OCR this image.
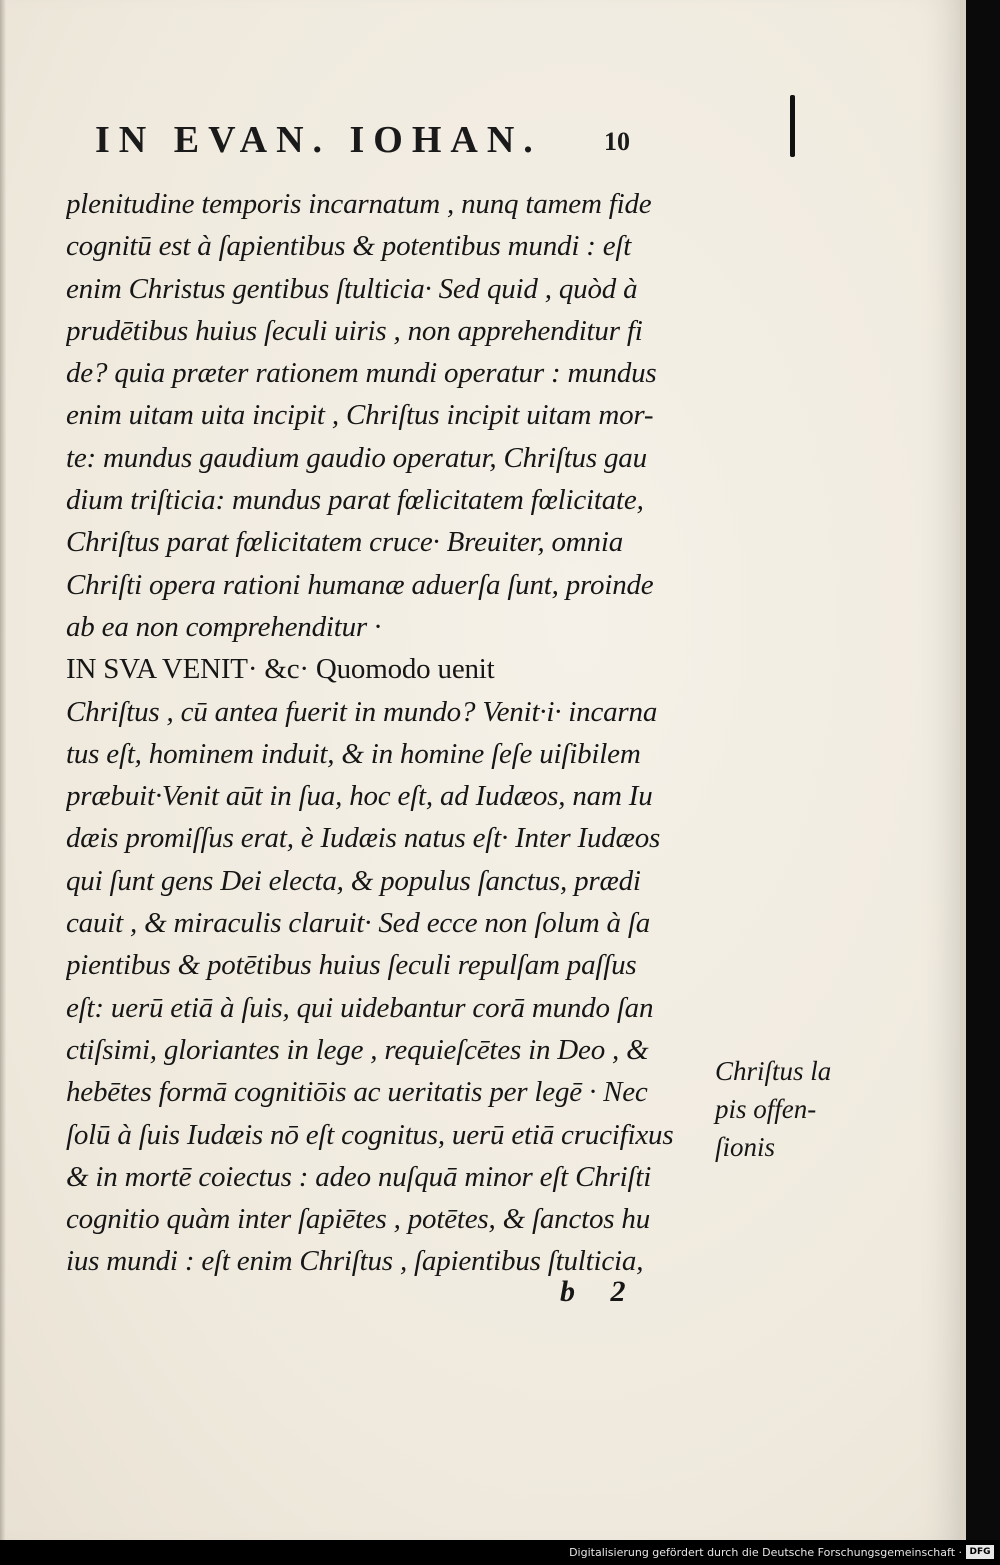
IN EVAN. IOHAN.	10
plenitudine temporis incarnatum , nunq tamem fide
cognitū est à ſapientibus & potentibus mundi : eſt
enim Christus gentibus ſtulticia· Sed quid , quòd à
prudētibus huius ſeculi uiris , non apprehenditur fi
de? quia præter rationem mundi operatur : mundus
enim uitam uita incipit , Chriſtus incipit uitam mor-
te: mundus gaudium gaudio operatur, Chriſtus gau
dium triſticia: mundus parat fœlicitatem fœlicitate,
Chriſtus parat fœlicitatem cruce· Breuiter, omnia
Chriſti opera rationi humanæ aduerſa ſunt, proinde
ab ea non comprehenditur ·
IN SVA VENIT· &c· Quomodo uenit
Chriſtus , cū antea fuerit in mundo? Venit·i· incarna
tus eſt, hominem induit, & in homine ſeſe uiſibilem
præbuit·Venit aūt in ſua, hoc eſt, ad Iudæos, nam Iu
dæis promiſſus erat, è Iudæis natus eſt· Inter Iudæos
qui ſunt gens Dei electa, & populus ſanctus, prædi
cauit , & miraculis claruit· Sed ecce non ſolum à ſa
pientibus & potētibus huius ſeculi repulſam paſſus
eſt: uerū etiā à ſuis, qui uidebantur corā mundo ſan
ctiſsimi, gloriantes in lege , requieſcētes in Deo , &
hebētes formā cognitiōis ac ueritatis per legē · Nec
ſolū à ſuis Iudæis nō eſt cognitus, uerū etiā crucifixus
& in mortē coiectus : adeo nuſquā minor eſt Chriſti
cognitio quàm inter ſapiētes , potētes, & ſanctos hu
ius mundi : eſt enim Chriſtus , ſapientibus ſtulticia,
Chriſtus la
pis offen-
ſionis
b 2
Digitalisierung gefördert durch die Deutsche Forschungsgemeinschaft · DFG
